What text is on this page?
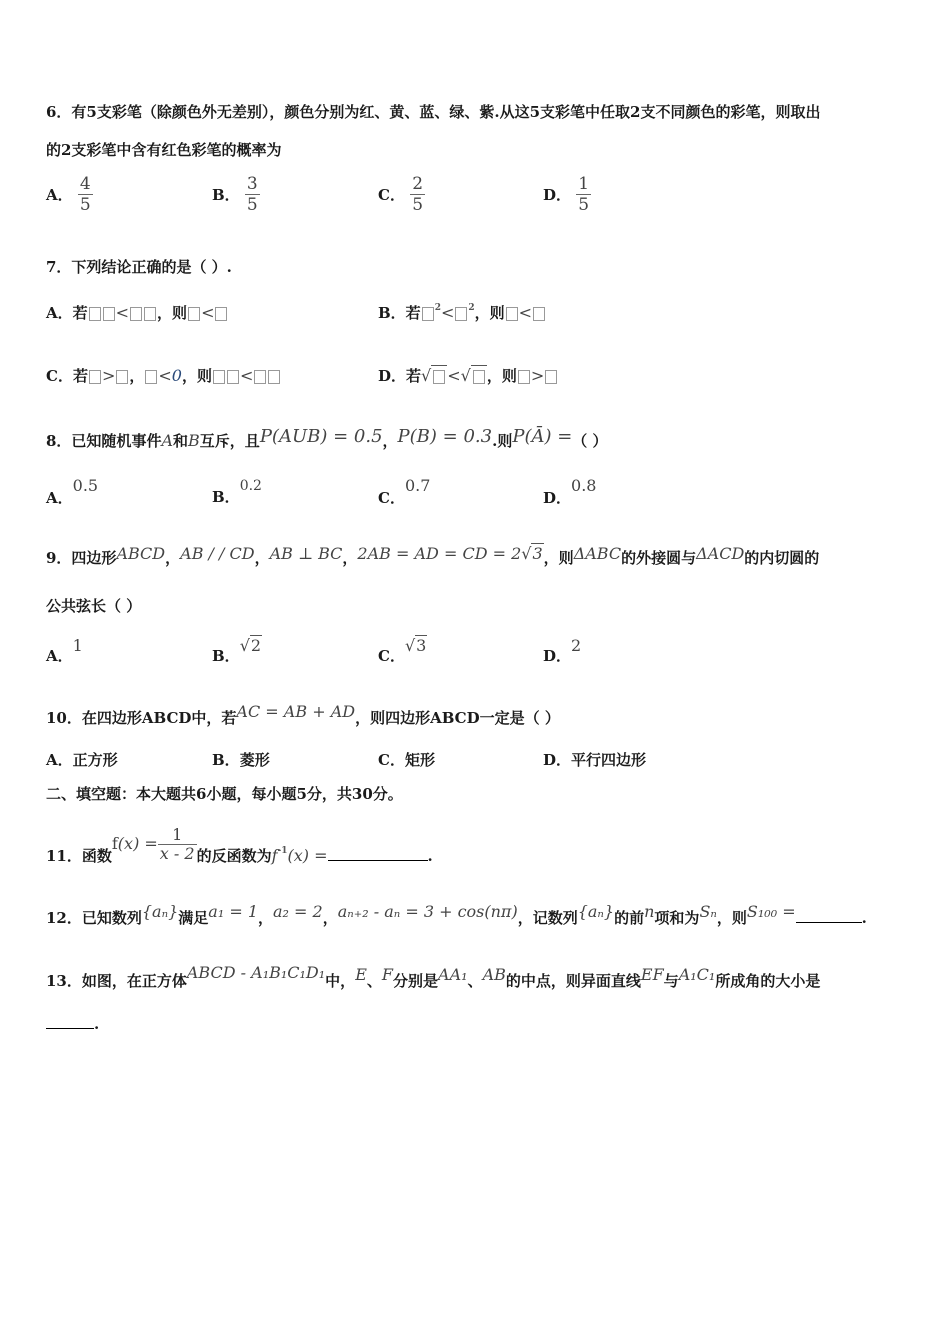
6．有5支彩笔（除颜色外无差别），颜色分别为红、黄、蓝、绿、紫.从这5支彩笔中任取2支不同颜色的彩笔，则取出
的2支彩笔中含有红色彩笔的概率为
A． $\frac{4}{5}$	B． $\frac{3}{5}$	C． $\frac{2}{5}$	D． $\frac{1}{5}$
7．下列结论正确的是（ ）.
A．若 < ，则 <	B．若 $^2$< $^2$，则 <
C．若 > ， <0，则 <	D．若√ <√ ，则 >
8．已知随机事件A和B互斥，且P(AUB) = 0.5，P(B) = 0.3.则P(Ā) =（ ）
A．0.5
B．0.2
C．0.7
D．0.8
9．四边形ABCD，AB / / CD，AB ⊥ BC，2AB = AD = CD = 2√3，则ΔABC的外接圆与ΔACD的内切圆的
公共弦长（ ）
A．1
B．√2
C．√3
D．2
10．在四边形ABCD中，若AC = AB + AD，则四边形ABCD一定是（ ）
A．正方形	B．菱形	C．矩形	D．平行四边形
二、填空题：本大题共6小题，每小题5分，共30分。
11．函数$f(x) = \frac{1}{x - 2}$ 的反函数为$f^{-1}(x)$ =	.
12．已知数列{aₙ}满足a₁ = 1，a₂ = 2，aₙ₊₂ - aₙ = 3 + cos(nπ)，记数列{aₙ}的前n项和为Sₙ，则S₁₀₀ =	.
13．如图，在正方体ABCD - A₁B₁C₁D₁中，E、F分别是AA₁、AB的中点，则异面直线EF与A₁C₁所成角的大小是
.
